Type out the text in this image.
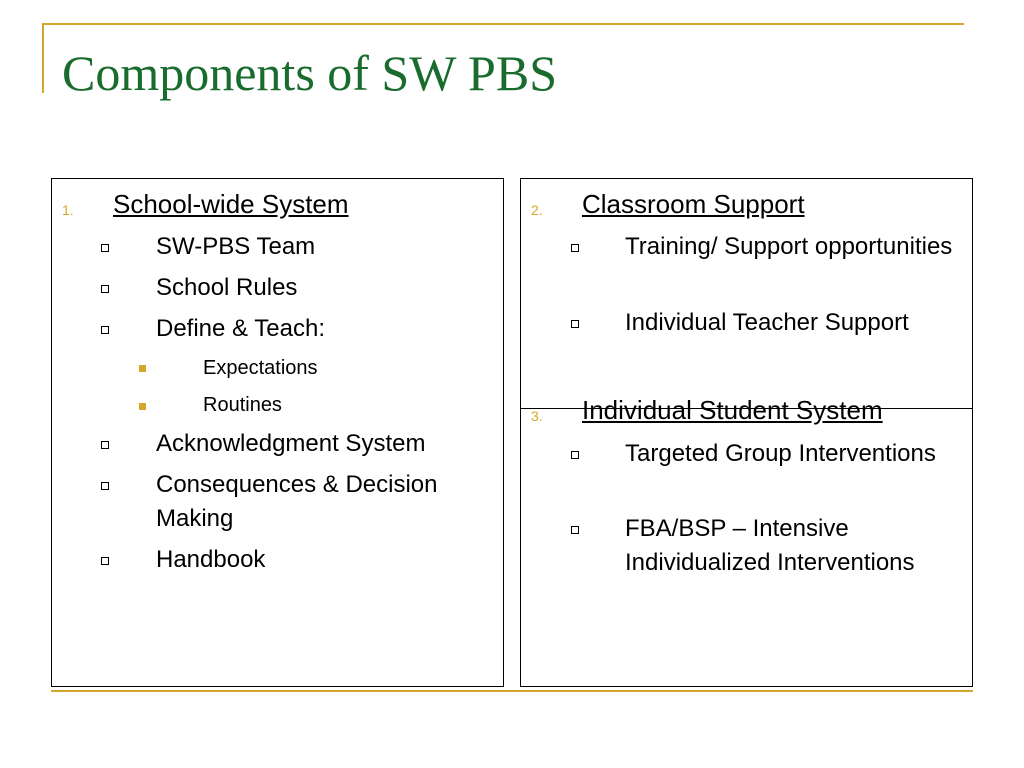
Components of SW PBS
1. School-wide System
SW-PBS Team
School Rules
Define & Teach:
Expectations
Routines
Acknowledgment System
Consequences & Decision Making
Handbook
2. Classroom Support
Training/ Support opportunities
Individual Teacher Support
3. Individual Student System
Targeted Group Interventions
FBA/BSP – Intensive Individualized Interventions
